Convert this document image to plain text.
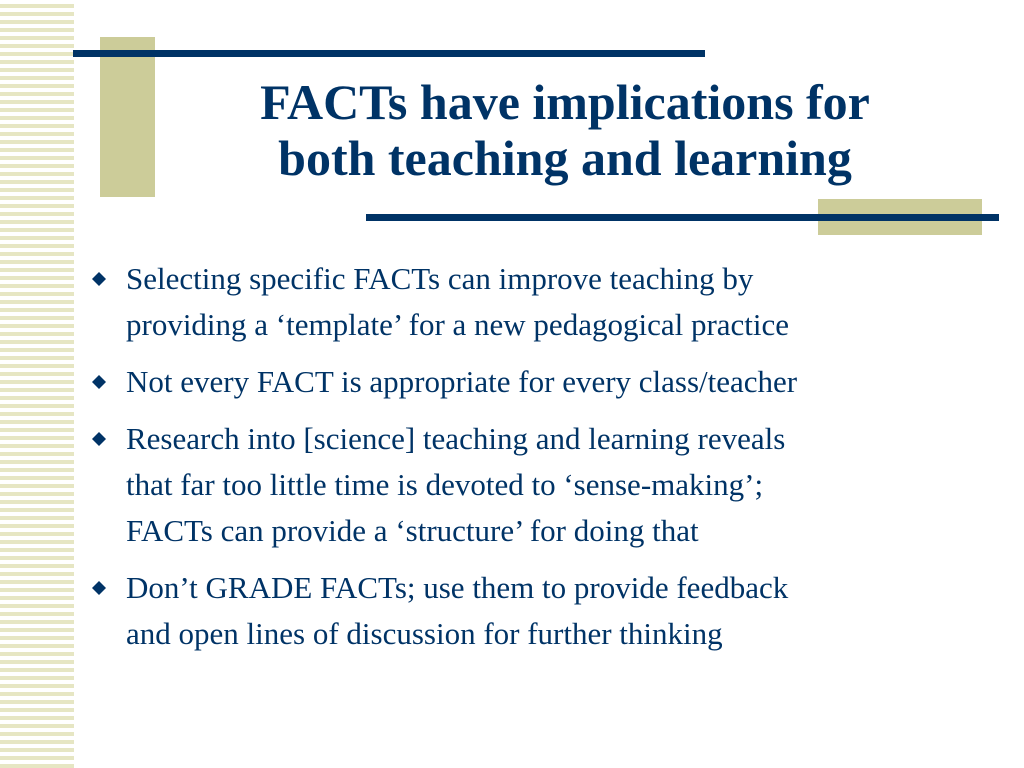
FACTs have implications for
both teaching and learning
Selecting specific FACTs can improve teaching by
providing a ‘template’ for a new pedagogical practice
Not every FACT is appropriate for every class/teacher
Research into [science] teaching and learning reveals
that far too little time is devoted to ‘sense-making’;
FACTs can provide a ‘structure’ for doing that
Don’t GRADE FACTs; use them to provide feedback
and open lines of discussion for further thinking
